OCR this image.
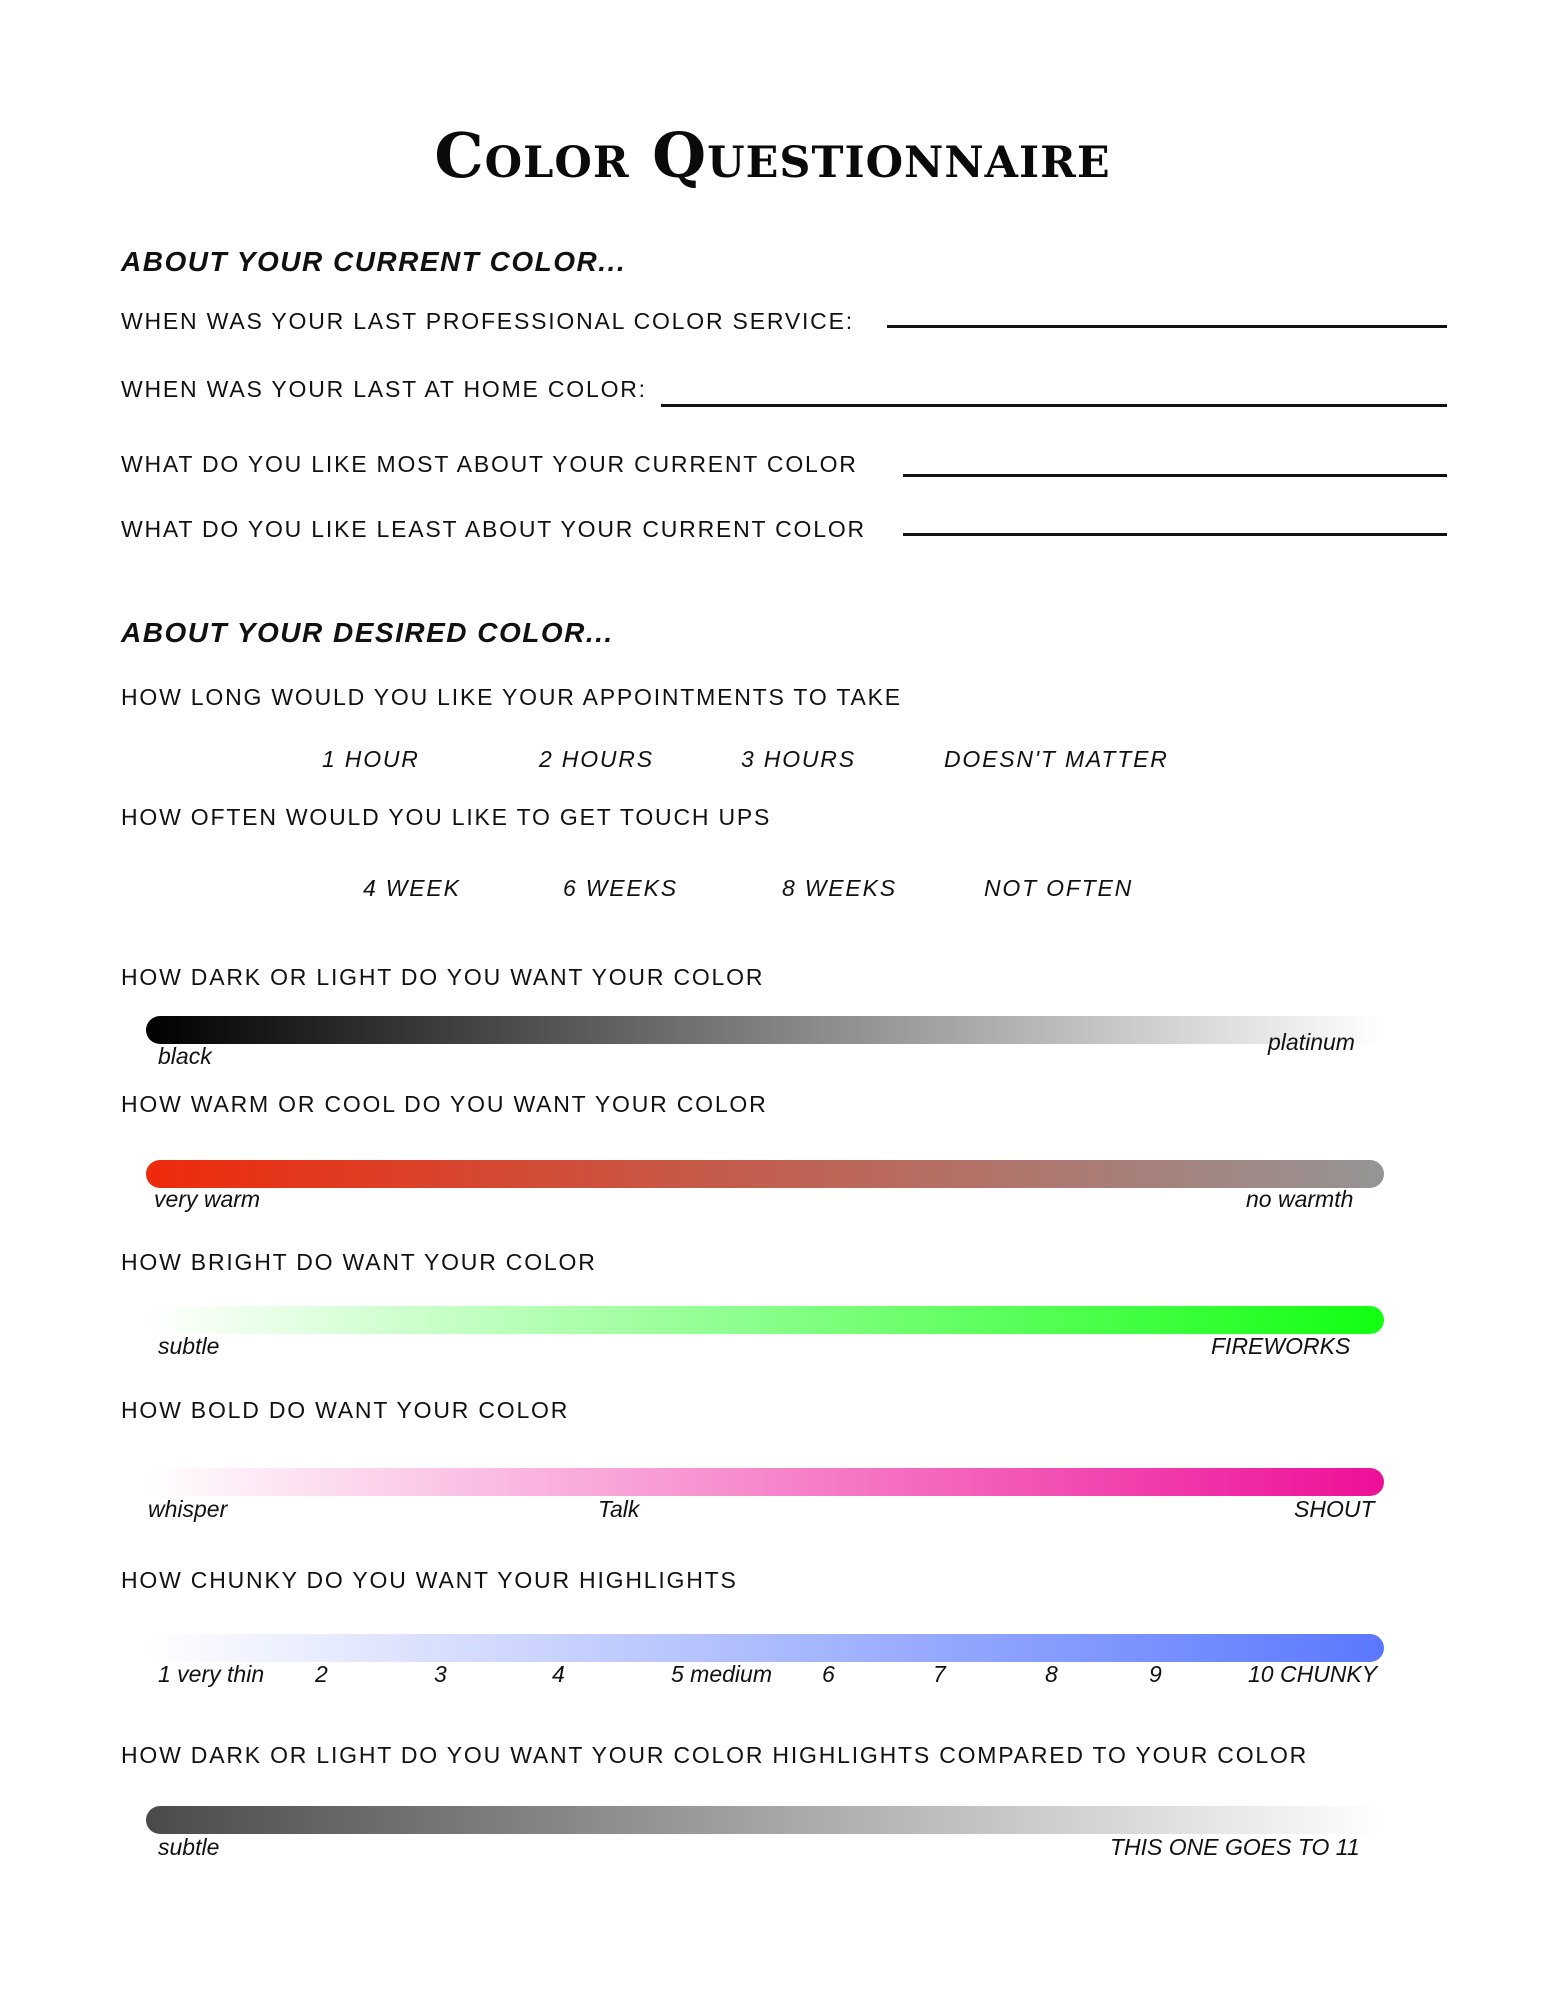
Color Questionnaire
ABOUT YOUR CURRENT COLOR...
WHEN WAS YOUR LAST PROFESSIONAL COLOR SERVICE:
WHEN WAS YOUR LAST AT HOME COLOR:
WHAT DO YOU LIKE MOST ABOUT YOUR CURRENT COLOR
WHAT DO YOU LIKE LEAST ABOUT YOUR CURRENT COLOR
ABOUT YOUR DESIRED COLOR...
HOW LONG WOULD YOU LIKE YOUR APPOINTMENTS TO TAKE
1 HOUR	2 HOURS	3 HOURS	DOESN'T MATTER
HOW OFTEN WOULD YOU LIKE TO GET TOUCH UPS
4 WEEK	6 WEEKS	8 WEEKS	NOT OFTEN
HOW DARK OR LIGHT DO YOU WANT YOUR COLOR
black
platinum
HOW WARM OR COOL DO YOU WANT YOUR COLOR
very warm	no warmth
HOW BRIGHT DO WANT YOUR COLOR
subtle	FIREWORKS
HOW BOLD DO WANT YOUR COLOR
whisper	Talk	SHOUT
HOW CHUNKY DO YOU WANT YOUR HIGHLIGHTS
1 very thin 2	3	4	5 medium 6	7	8	9	10 CHUNKY
HOW DARK OR LIGHT DO YOU WANT YOUR COLOR HIGHLIGHTS COMPARED TO YOUR COLOR
subtle	THIS ONE GOES TO 11
